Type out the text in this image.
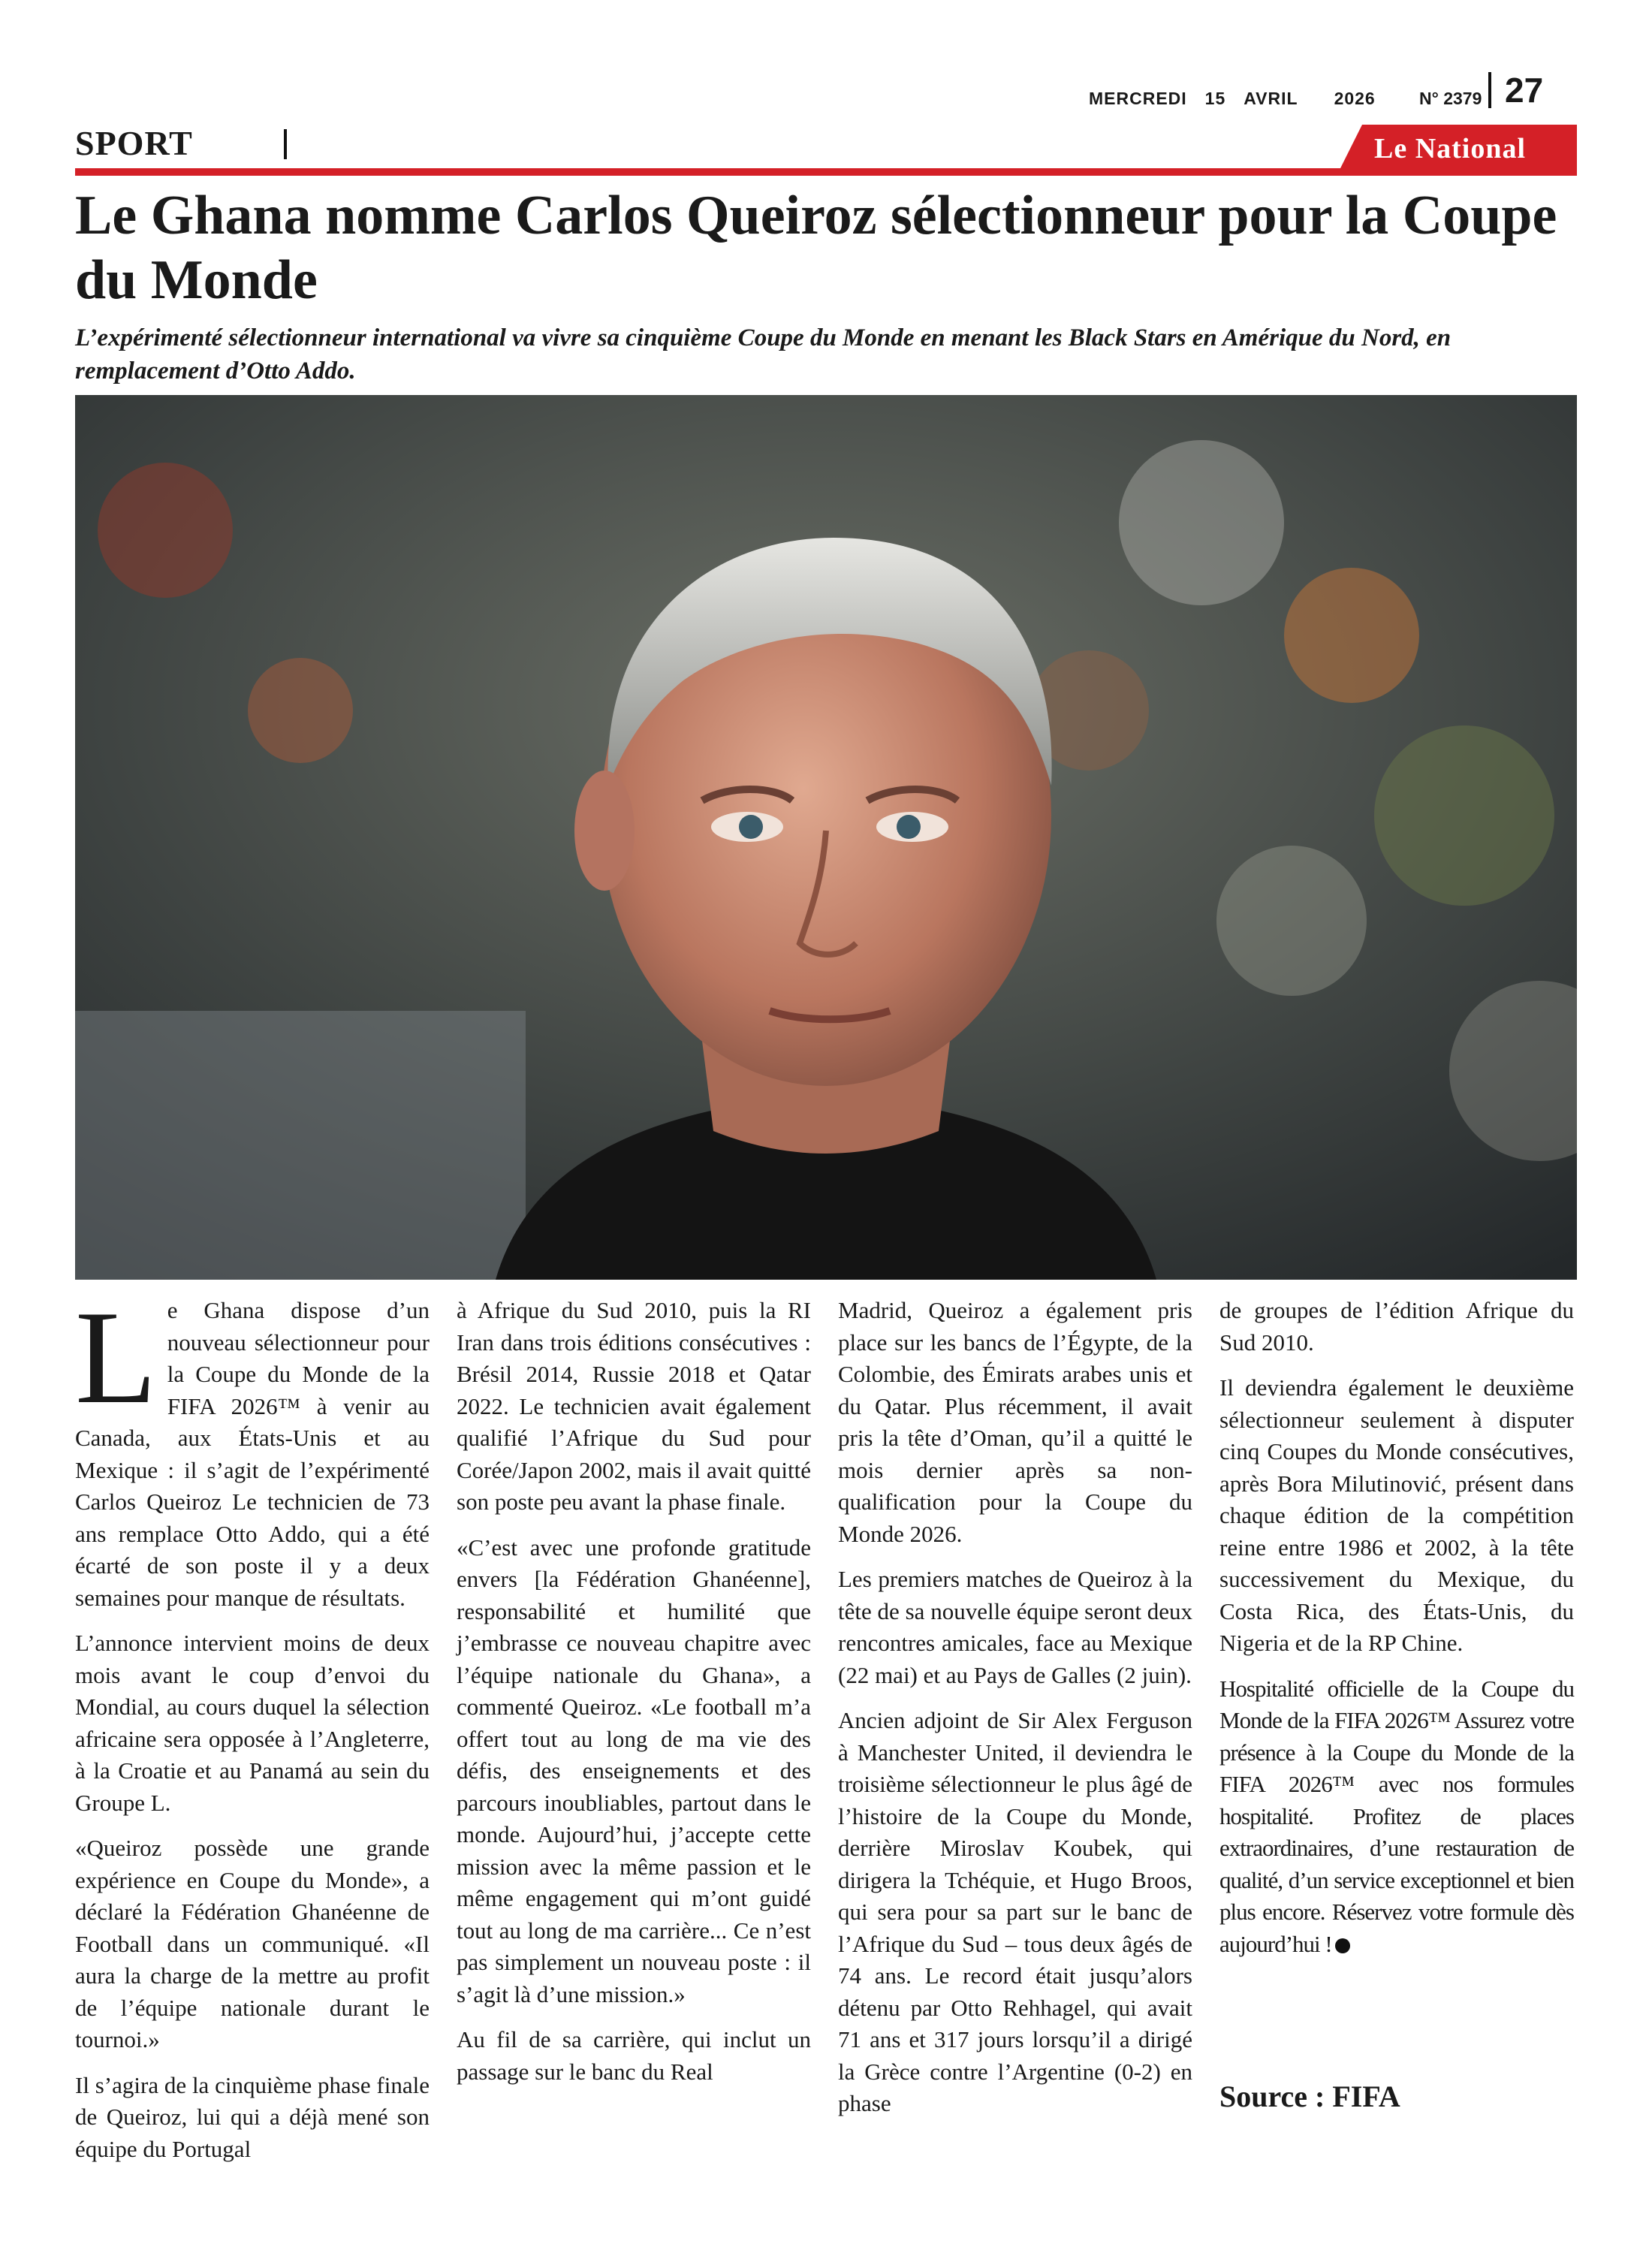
MERCREDI 15 AVRIL 2026	N° 2379 27
SPORT	Le National
Le Ghana nomme Carlos Queiroz sélectionneur pour la Coupe du Monde

L’expérimenté sélectionneur international va vivre sa cinquième Coupe du Monde en menant les Black Stars en Amérique du Nord, en remplacement d’Otto Addo.

Le Ghana dispose d’un nouveau sélectionneur pour la Coupe du Monde de la FIFA 2026™ à venir au Canada, aux États-Unis et au Mexique : il s’agit de l’expérimenté Carlos Queiroz Le technicien de 73 ans remplace Otto Addo, qui a été écarté de son poste il y a deux semaines pour manque de résultats.

L’annonce intervient moins de deux mois avant le coup d’envoi du Mondial, au cours duquel la sélection africaine sera opposée à l’Angleterre, à la Croatie et au Panamá au sein du Groupe L.

«Queiroz possède une grande expérience en Coupe du Monde», a déclaré la Fédération Ghanéenne de Football dans un communiqué. «Il aura la charge de la mettre au profit de l’équipe nationale durant le tournoi.»

Il s’agira de la cinquième phase finale de Queiroz, lui qui a déjà mené son équipe du Portugal

à Afrique du Sud 2010, puis la RI Iran dans trois éditions consécutives : Brésil 2014, Russie 2018 et Qatar 2022. Le technicien avait également qualifié l’Afrique du Sud pour Corée/Japon 2002, mais il avait quitté son poste peu avant la phase finale.

«C’est avec une profonde gratitude envers [la Fédération Ghanéenne], responsabilité et humilité que j’embrasse ce nouveau chapitre avec l’équipe nationale du Ghana», a commenté Queiroz. «Le football m’a offert tout au long de ma vie des défis, des enseignements et des parcours inoubliables, partout dans le monde. Aujourd’hui, j’accepte cette mission avec la même passion et le même engagement qui m’ont guidé tout au long de ma carrière... Ce n’est pas simplement un nouveau poste : il s’agit là d’une mission.»

Au fil de sa carrière, qui inclut un passage sur le banc du Real

Madrid, Queiroz a également pris place sur les bancs de l’Égypte, de la Colombie, des Émirats arabes unis et du Qatar. Plus récemment, il avait pris la tête d’Oman, qu’il a quitté le mois dernier après sa non-qualification pour la Coupe du Monde 2026.

Les premiers matches de Queiroz à la tête de sa nouvelle équipe seront deux rencontres amicales, face au Mexique (22 mai) et au Pays de Galles (2 juin).

Ancien adjoint de Sir Alex Ferguson à Manchester United, il deviendra le troisième sélectionneur le plus âgé de l’histoire de la Coupe du Monde, derrière Miroslav Koubek, qui dirigera la Tchéquie, et Hugo Broos, qui sera pour sa part sur le banc de l’Afrique du Sud – tous deux âgés de 74 ans. Le record était jusqu’alors détenu par Otto Rehhagel, qui avait 71 ans et 317 jours lorsqu’il a dirigé la Grèce contre l’Argentine (0-2) en phase

de groupes de l’édition Afrique du Sud 2010.

Il deviendra également le deuxième sélectionneur seulement à disputer cinq Coupes du Monde consécutives, après Bora Milutinović, présent dans chaque édition de la compétition reine entre 1986 et 2002, à la tête successivement du Mexique, du Costa Rica, des États-Unis, du Nigeria et de la RP Chine.

Hospitalité officielle de la Coupe du Monde de la FIFA 2026™ Assurez votre présence à la Coupe du Monde de la FIFA 2026™ avec nos formules hospitalité. Profitez de places extraordinaires, d’une restauration de qualité, d’un service exceptionnel et bien plus encore. Réservez votre formule dès aujourd’hui !

Source : FIFA
